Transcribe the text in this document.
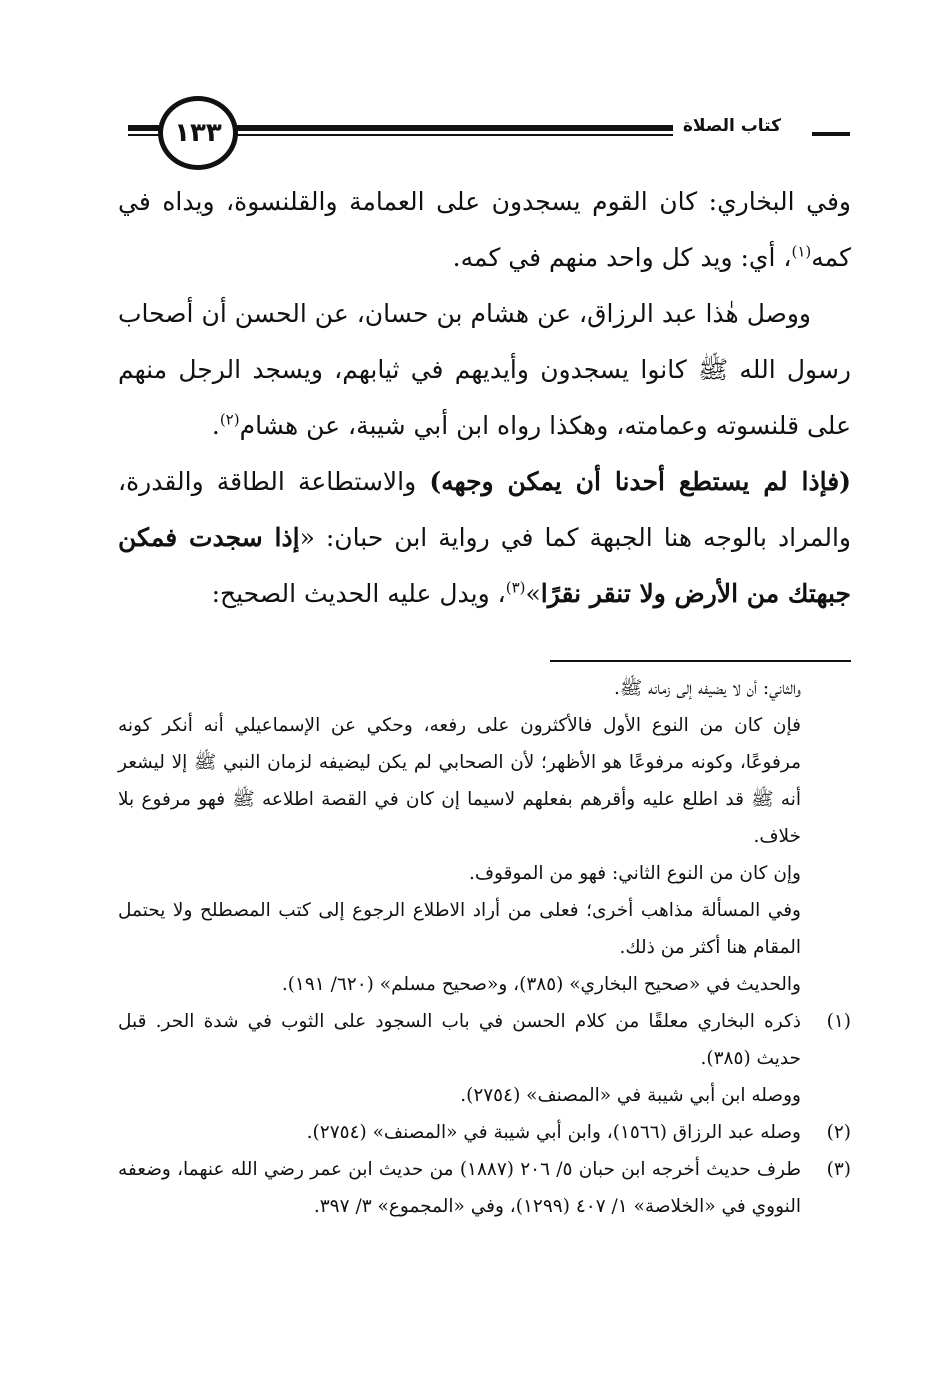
١٣٣	كتاب الصلاة

وفي البخاري: كان القوم يسجدون على العمامة والقلنسوة، ويداه في كمه$^{(١)}$، أي: ويد كل واحد منهم في كمه.

ووصل هٰذا عبد الرزاق، عن هشام بن حسان، عن الحسن أن أصحاب رسول الله ﷺ كانوا يسجدون وأيديهم في ثيابهم، ويسجد الرجل منهم على قلنسوته وعمامته، وهكذا رواه ابن أبي شيبة، عن هشام$^{(٢)}$.

(فإذا لم يستطع أحدنا أن يمكن وجهه) والاستطاعة الطاقة والقدرة، والمراد بالوجه هنا الجبهة كما في رواية ابن حبان: «إذا سجدت فمكن جبهتك من الأرض ولا تنقر نقرًا»$^{(٣)}$، ويدل عليه الحديث الصحيح:

والثاني: أن لا يضيفه إلى زمانه ﷺ.

فإن كان من النوع الأول فالأكثرون على رفعه، وحكي عن الإسماعيلي أنه أنكر كونه مرفوعًا، وكونه مرفوعًا هو الأظهر؛ لأن الصحابي لم يكن ليضيفه لزمان النبي ﷺ إلا ليشعر أنه ﷺ قد اطلع عليه وأقرهم بفعلهم لاسيما إن كان في القصة اطلاعه ﷺ فهو مرفوع بلا خلاف.

وإن كان من النوع الثاني: فهو من الموقوف.

وفي المسألة مذاهب أخرى؛ فعلى من أراد الاطلاع الرجوع إلى كتب المصطلح ولا يحتمل المقام هنا أكثر من ذلك.

والحديث في «صحيح البخاري» (٣٨٥)، و«صحيح مسلم» (٦٢٠/ ١٩١).

(١)
ذكره البخاري معلقًا من كلام الحسن في باب السجود على الثوب في شدة الحر. قبل حديث (٣٨٥).
ووصله ابن أبي شيبة في «المصنف» (٢٧٥٤).
(٢)
وصله عبد الرزاق (١٥٦٦)، وابن أبي شيبة في «المصنف» (٢٧٥٤).
(٣)
طرف حديث أخرجه ابن حبان ٥/ ٢٠٦ (١٨٨٧) من حديث ابن عمر رضي الله عنهما، وضعفه النووي في «الخلاصة» ١/ ٤٠٧ (١٢٩٩)، وفي «المجموع» ٣/ ٣٩٧.
